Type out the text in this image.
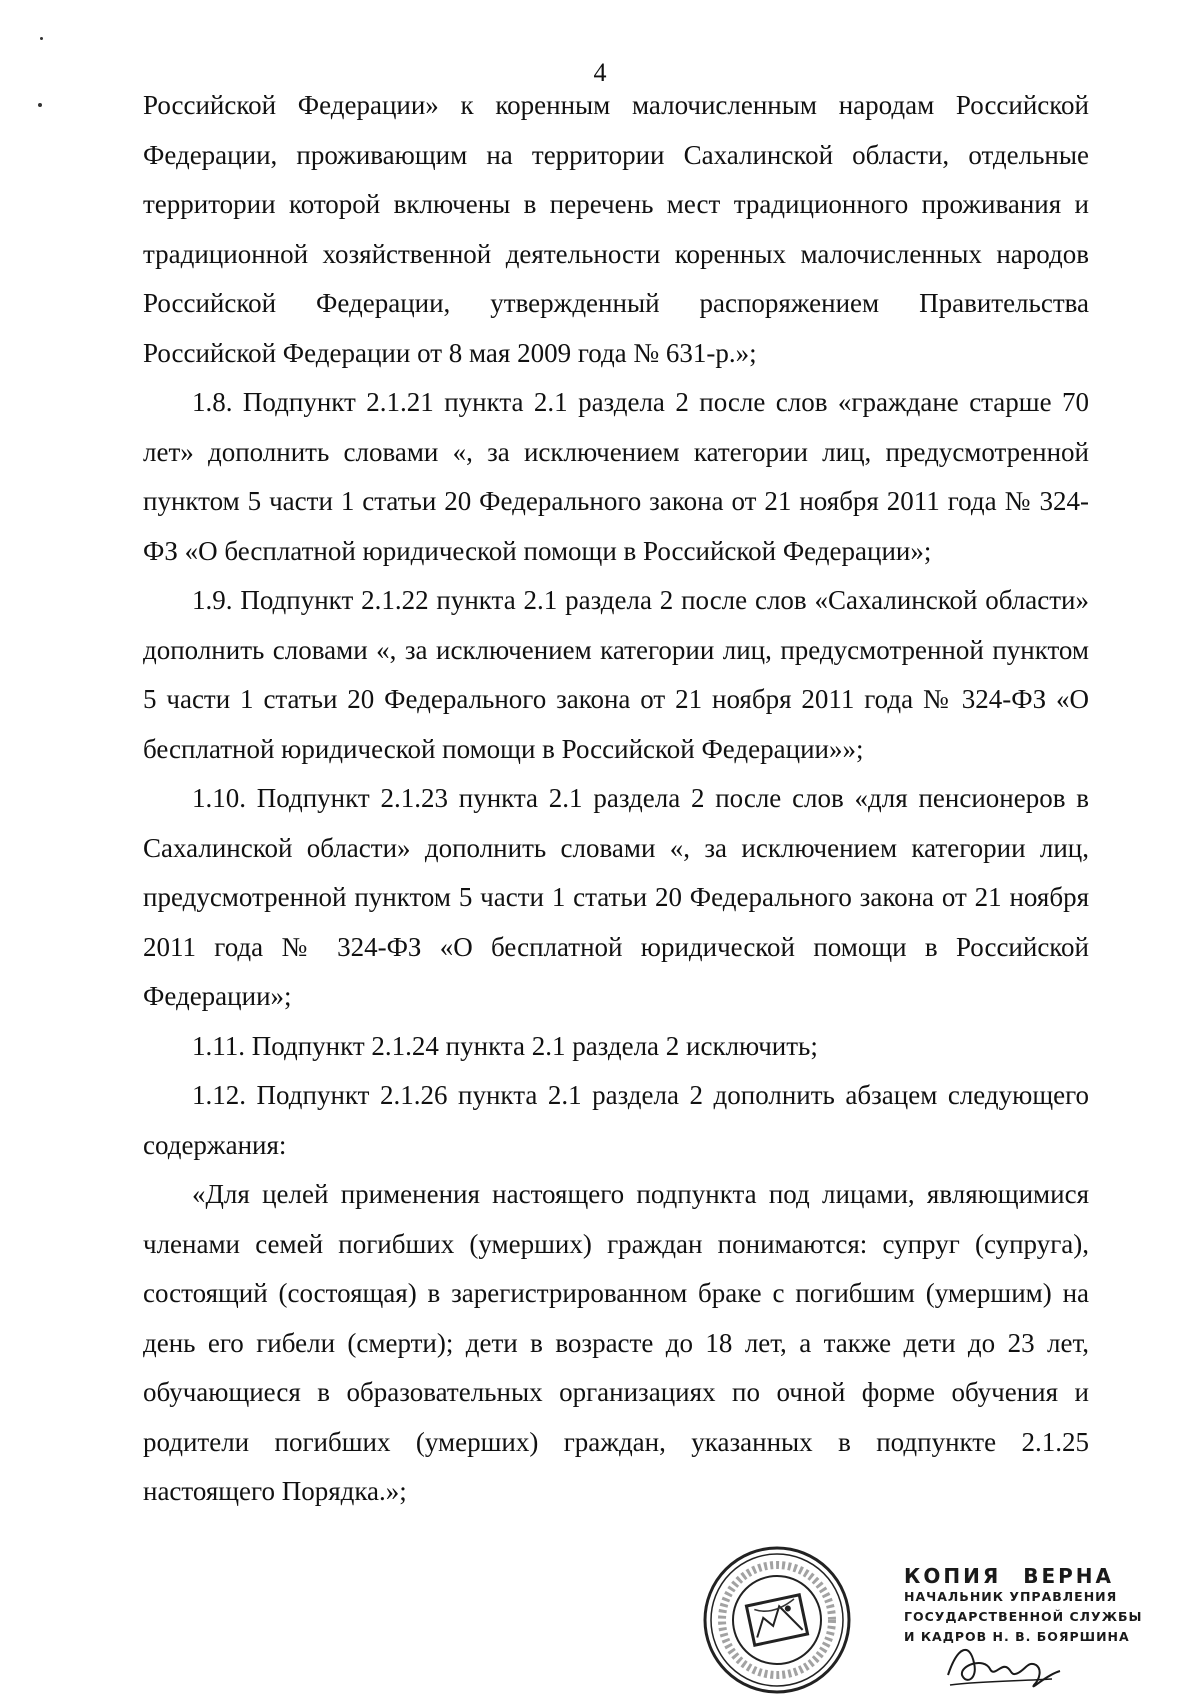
4

Российской Федерации» к коренным малочисленным народам Российской Федерации, проживающим на территории Сахалинской области, отдельные территории которой включены в перечень мест традиционного проживания и традиционной хозяйственной деятельности коренных малочисленных народов Российской Федерации, утвержденный распоряжением Правительства Российской Федерации от 8 мая 2009 года № 631-р.»;

1.8. Подпункт 2.1.21 пункта 2.1 раздела 2 после слов «граждане старше 70 лет» дополнить словами «, за исключением категории лиц, предусмотренной пунктом 5 части 1 статьи 20 Федерального закона от 21 ноября 2011 года № 324-ФЗ «О бесплатной юридической помощи в Российской Федерации»;

1.9. Подпункт 2.1.22 пункта 2.1 раздела 2 после слов «Сахалинской области» дополнить словами «, за исключением категории лиц, предусмотренной пунктом 5 части 1 статьи 20 Федерального закона от 21 ноября 2011 года № 324-ФЗ «О бесплатной юридической помощи в Российской Федерации»»;

1.10. Подпункт 2.1.23 пункта 2.1 раздела 2 после слов «для пенсионеров в Сахалинской области» дополнить словами «, за исключением категории лиц, предусмотренной пунктом 5 части 1 статьи 20 Федерального закона от 21 ноября 2011 года № 324-ФЗ «О бесплатной юридической помощи в Российской Федерации»;

1.11. Подпункт 2.1.24 пункта 2.1 раздела 2 исключить;

1.12. Подпункт 2.1.26 пункта 2.1 раздела 2 дополнить абзацем следующего содержания:

«Для целей применения настоящего подпункта под лицами, являющимися членами семей погибших (умерших) граждан понимаются: супруг (супруга), состоящий (состоящая) в зарегистрированном браке с погибшим (умершим) на день его гибели (смерти); дети в возрасте до 18 лет, а также дети до 23 лет, обучающиеся в образовательных организациях по очной форме обучения и родители погибших (умерших) граждан, указанных в подпункте 2.1.25 настоящего Порядка.»;

КОПИЯ ВЕРНА
НАЧАЛЬНИК УПРАВЛЕНИЯ
ГОСУДАРСТВЕННОЙ СЛУЖБЫ
И КАДРОВ Н. В. БОЯРШИНА
